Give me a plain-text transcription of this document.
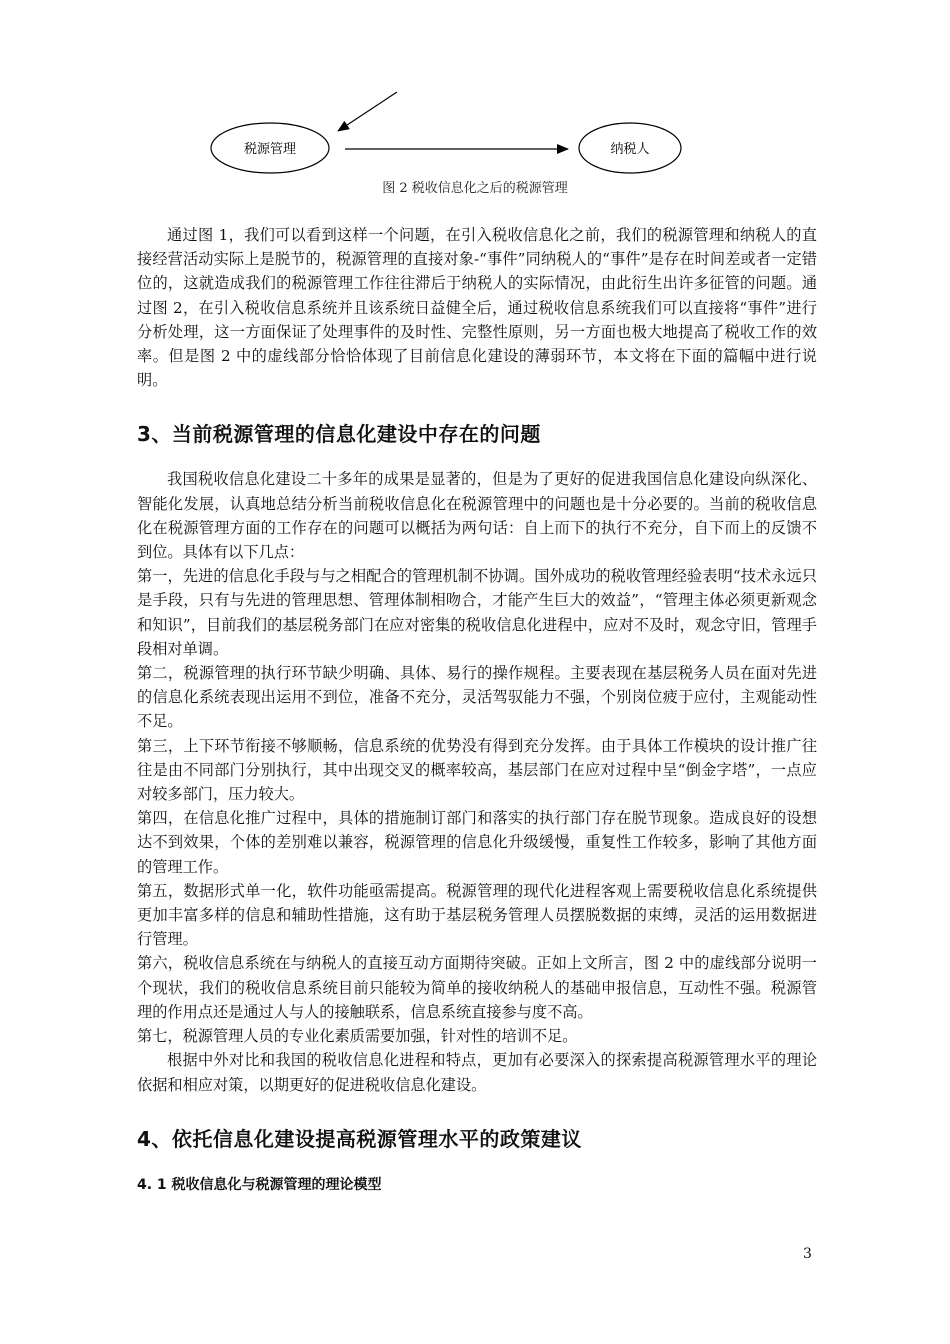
税源管理	纳税人
图 2 税收信息化之后的税源管理

通过图 1，我们可以看到这样一个问题，在引入税收信息化之前，我们的税源管理和纳税人的直接经营活动实际上是脱节的，税源管理的直接对象-“事件”同纳税人的“事件”是存在时间差或者一定错位的，这就造成我们的税源管理工作往往滞后于纳税人的实际情况，由此衍生出许多征管的问题。通过图 2，在引入税收信息系统并且该系统日益健全后，通过税收信息系统我们可以直接将“事件”进行分析处理，这一方面保证了处理事件的及时性、完整性原则，另一方面也极大地提高了税收工作的效率。但是图 2 中的虚线部分恰恰体现了目前信息化建设的薄弱环节，本文将在下面的篇幅中进行说明。

3、当前税源管理的信息化建设中存在的问题

我国税收信息化建设二十多年的成果是显著的，但是为了更好的促进我国信息化建设向纵深化、智能化发展，认真地总结分析当前税收信息化在税源管理中的问题也是十分必要的。当前的税收信息化在税源管理方面的工作存在的问题可以概括为两句话：自上而下的执行不充分，自下而上的反馈不到位。具体有以下几点：

第一，先进的信息化手段与与之相配合的管理机制不协调。国外成功的税收管理经验表明“技术永远只是手段，只有与先进的管理思想、管理体制相吻合，才能产生巨大的效益”，“管理主体必须更新观念和知识”，目前我们的基层税务部门在应对密集的税收信息化进程中，应对不及时，观念守旧，管理手段相对单调。

第二，税源管理的执行环节缺少明确、具体、易行的操作规程。主要表现在基层税务人员在面对先进的信息化系统表现出运用不到位，准备不充分，灵活驾驭能力不强，个别岗位疲于应付，主观能动性不足。

第三，上下环节衔接不够顺畅，信息系统的优势没有得到充分发挥。由于具体工作模块的设计推广往往是由不同部门分别执行，其中出现交叉的概率较高，基层部门在应对过程中呈“倒金字塔”，一点应对较多部门，压力较大。

第四，在信息化推广过程中，具体的措施制订部门和落实的执行部门存在脱节现象。造成良好的设想达不到效果，个体的差别难以兼容，税源管理的信息化升级缓慢，重复性工作较多，影响了其他方面的管理工作。

第五，数据形式单一化，软件功能亟需提高。税源管理的现代化进程客观上需要税收信息化系统提供更加丰富多样的信息和辅助性措施，这有助于基层税务管理人员摆脱数据的束缚，灵活的运用数据进行管理。

第六，税收信息系统在与纳税人的直接互动方面期待突破。正如上文所言，图 2 中的虚线部分说明一个现状，我们的税收信息系统目前只能较为简单的接收纳税人的基础申报信息，互动性不强。税源管理的作用点还是通过人与人的接触联系，信息系统直接参与度不高。

第七，税源管理人员的专业化素质需要加强，针对性的培训不足。

根据中外对比和我国的税收信息化进程和特点，更加有必要深入的探索提高税源管理水平的理论依据和相应对策，以期更好的促进税收信息化建设。

4、依托信息化建设提高税源管理水平的政策建议

4. 1 税收信息化与税源管理的理论模型

3
